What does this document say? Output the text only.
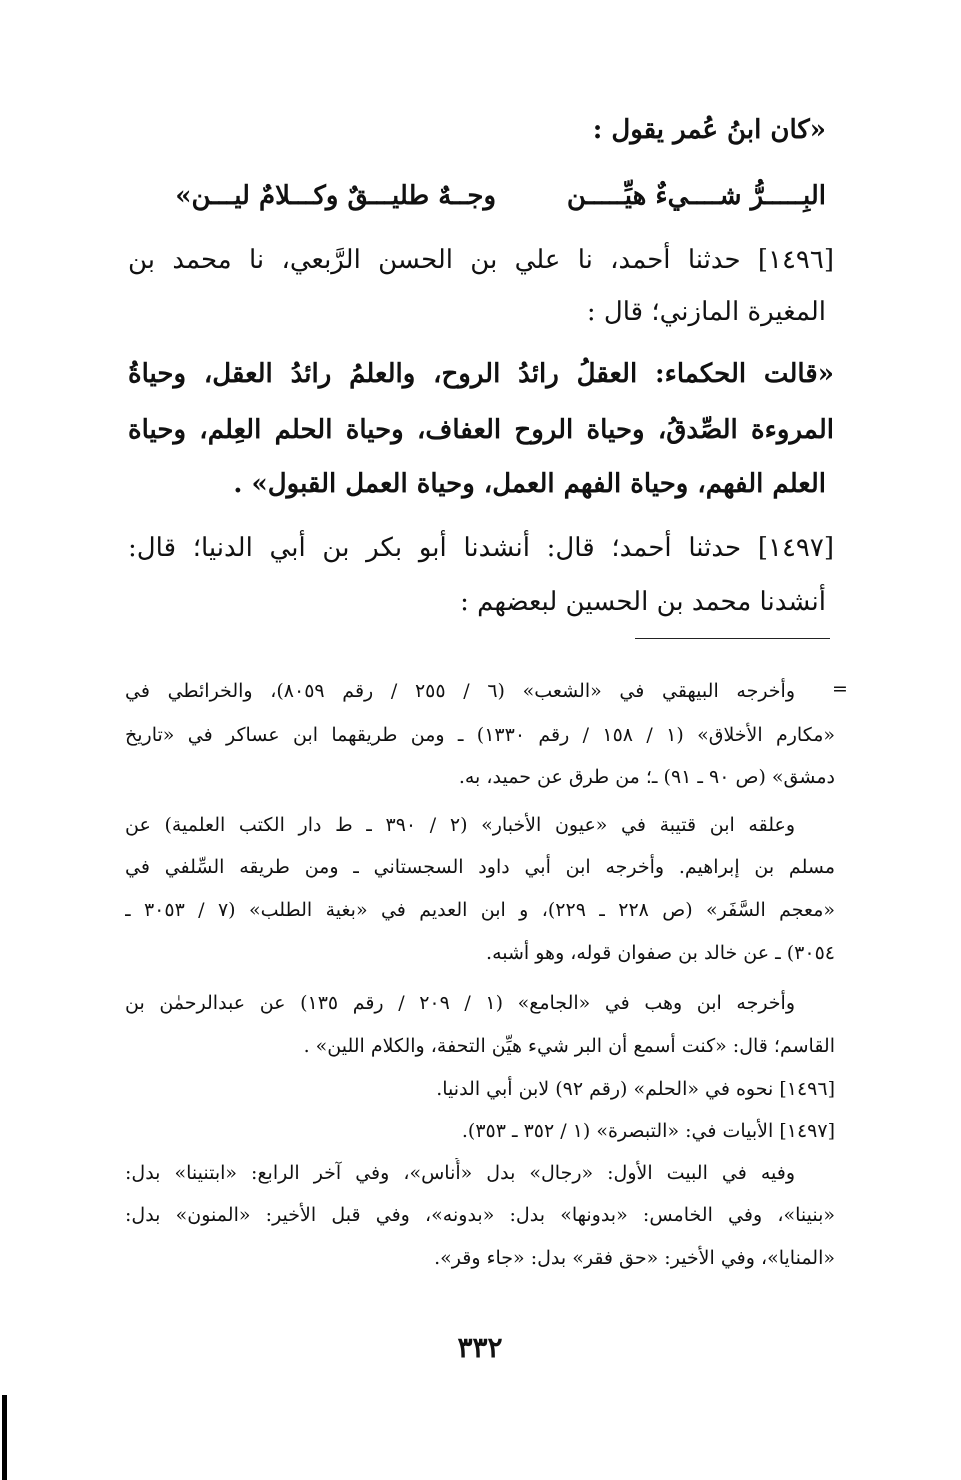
«كان ابنُ عُمر يقول :
البِـــــرُّ شــــيءٌ هيِّـــــن
وجــهٌ طليـــقٌ وكـــلامٌ ليـــن»
[١٤٩٦] حدثنا أحمد، نا علي بن الحسن الرَّبعي، نا محمد بن
المغيرة المازني؛ قال :
«قالت الحكماء: العقلُ رائدُ الروح، والعلمُ رائدُ العقل، وحياةُ
المروءة الصِّدقُ، وحياة الروح العفاف، وحياة الحلم العِلم، وحياة
العلم الفهم، وحياة الفهم العمل، وحياة العمل القبول» .
[١٤٩٧] حدثنا أحمد؛ قال: أنشدنا أبو بكر بن أبي الدنيا؛ قال:
أنشدنا محمد بن الحسين لبعضهم :
=
وأخرجه البيهقي في «الشعب» (٦ / ٢٥٥ / رقم ٨٠٥٩)، والخرائطي في
«مكارم الأخلاق» (١ / ١٥٨ / رقم ١٣٣٠) ـ ومن طريقهما ابن عساكر في «تاريخ
دمشق» (ص ٩٠ ـ ٩١) ـ؛ من طرق عن حميد، به.
وعلقه ابن قتيبة في «عيون الأخبار» (٢ / ٣٩٠ ـ ط دار الكتب العلمية) عن
مسلم بن إبراهيم. وأخرجه ابن أبي داود السجستاني ـ ومن طريقه السِّلفي في
«معجم السَّفَر» (ص ٢٢٨ ـ ٢٢٩)، و ابن العديم في «بغية الطلب» (٧ / ٣٠٥٣ ـ
٣٠٥٤) ـ عن خالد بن صفوان قوله، وهو أشبه.
وأخرجه ابن وهب في «الجامع» (١ / ٢٠٩ / رقم ١٣٥) عن عبدالرحمٰن بن
القاسم؛ قال: «كنت أسمع أن البر شيء هيِّن التحفة، والكلام اللين» .
[١٤٩٦] نحوه في «الحلم» (رقم ٩٢) لابن أبي الدنيا.
[١٤٩٧] الأبيات في: «التبصرة» (١ / ٣٥٢ ـ ٣٥٣).
وفيه في البيت الأول: «رجال» بدل «أُناس»، وفي آخر الرابع: «ابتنينا» بدل:
«بنينا»، وفي الخامس: «بدونها» بدل: «بدونه»، وفي قبل الأخير: «المنون» بدل:
«المنايا»، وفي الأخير: «حق فقر» بدل: «جاء وقر».
٣٣٢
